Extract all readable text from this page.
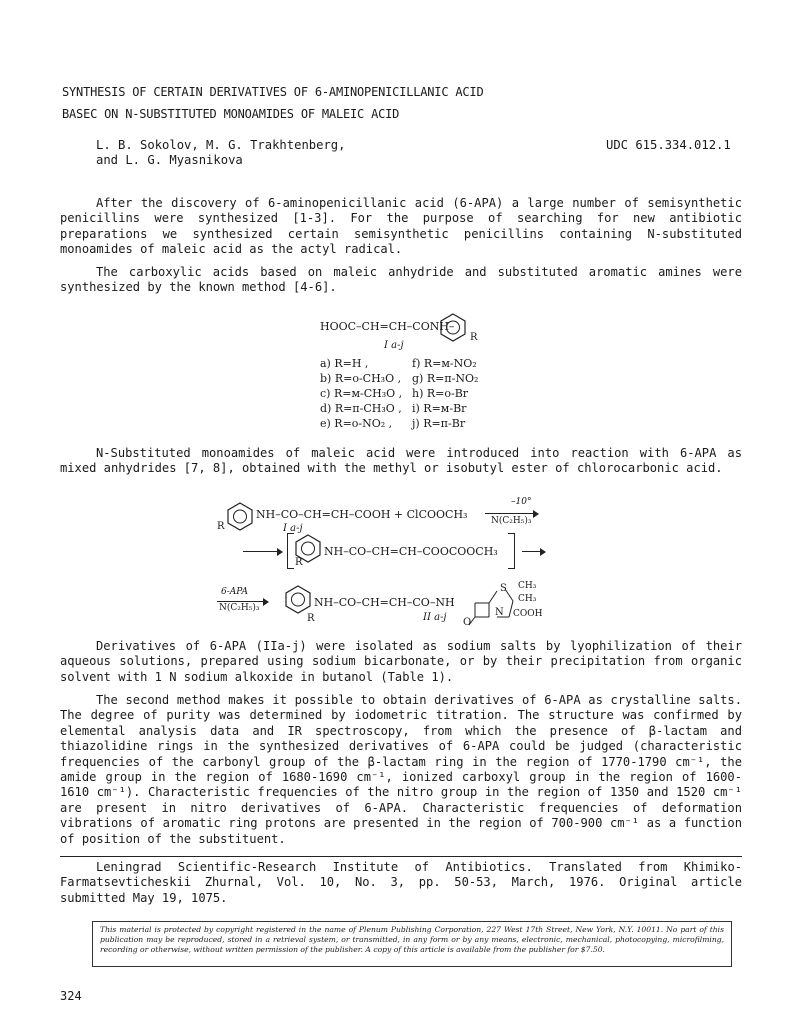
SYNTHESIS OF CERTAIN DERIVATIVES OF 6-AMINOPENICILLANIC ACID
BASEC ON N-SUBSTITUTED MONOAMIDES OF MALEIC ACID
L. B. Sokolov, M. G. Trakhtenberg,
and L. G. Myasnikova
UDC 615.334.012.1
After the discovery of 6-aminopenicillanic acid (6-APA) a large number of semisynthetic penicillins were synthesized [1-3]. For the purpose of searching for new antibiotic preparations we synthesized certain semisynthetic penicillins containing N-substituted monoamides of maleic acid as the actyl radical.
The carboxylic acids based on maleic anhydride and substituted aromatic amines were synthesized by the known method [4-6].
HOOC–CH=CH–CONH–
R
I a-j
a) R=H ,
b) R=o-CH₃O ,
c) R=м-CH₃O ,
d) R=п-CH₃O ,
e) R=o-NO₂ ,
f) R=м-NO₂
g) R=п-NO₂
h) R=o-Br
i) R=м-Br
j) R=п-Br
N-Substituted monoamides of maleic acid were introduced into reaction with 6-APA as mixed anhydrides [7, 8], obtained with the methyl or isobutyl ester of chlorocarbonic acid.
R
NH–CO–CH=CH–COOH + ClCOOCH₃
I a-j
–10°
N(C₂H₅)₃
R
NH–CO–CH=CH–COOCOOCH₃
6-APA
N(C₂H₅)₃
R
NH–CO–CH=CH–CO–NH
II a-j O
N
S CH₃
CH₃
COOH
Derivatives of 6-APA (IIa-j) were isolated as sodium salts by lyophilization of their aqueous solutions, prepared using sodium bicarbonate, or by their precipitation from organic solvent with 1 N sodium alkoxide in butanol (Table 1).
The second method makes it possible to obtain derivatives of 6-APA as crystalline salts. The degree of purity was determined by iodometric titration. The structure was confirmed by elemental analysis data and IR spectroscopy, from which the presence of β-lactam and thiazolidine rings in the synthesized derivatives of 6-APA could be judged (characteristic frequencies of the carbonyl group of the β-lactam ring in the region of 1770-1790 cm⁻¹, the amide group in the region of 1680-1690 cm⁻¹, ionized carboxyl group in the region of 1600-1610 cm⁻¹). Characteristic frequencies of the nitro group in the region of 1350 and 1520 cm⁻¹ are present in nitro derivatives of 6-APA. Characteristic frequencies of deformation vibrations of aromatic ring protons are presented in the region of 700-900 cm⁻¹ as a function of position of the substituent.
Leningrad Scientific-Research Institute of Antibiotics. Translated from Khimiko-Farmatsevticheskii Zhurnal, Vol. 10, No. 3, pp. 50-53, March, 1976. Original article submitted May 19, 1075.
This material is protected by copyright registered in the name of Plenum Publishing Corporation, 227 West 17th Street, New York, N.Y. 10011. No part of this publication may be reproduced, stored in a retrieval system, or transmitted, in any form or by any means, electronic, mechanical, photocopying, microfilming, recording or otherwise, without written permission of the publisher. A copy of this article is available from the publisher for $7.50.
324
